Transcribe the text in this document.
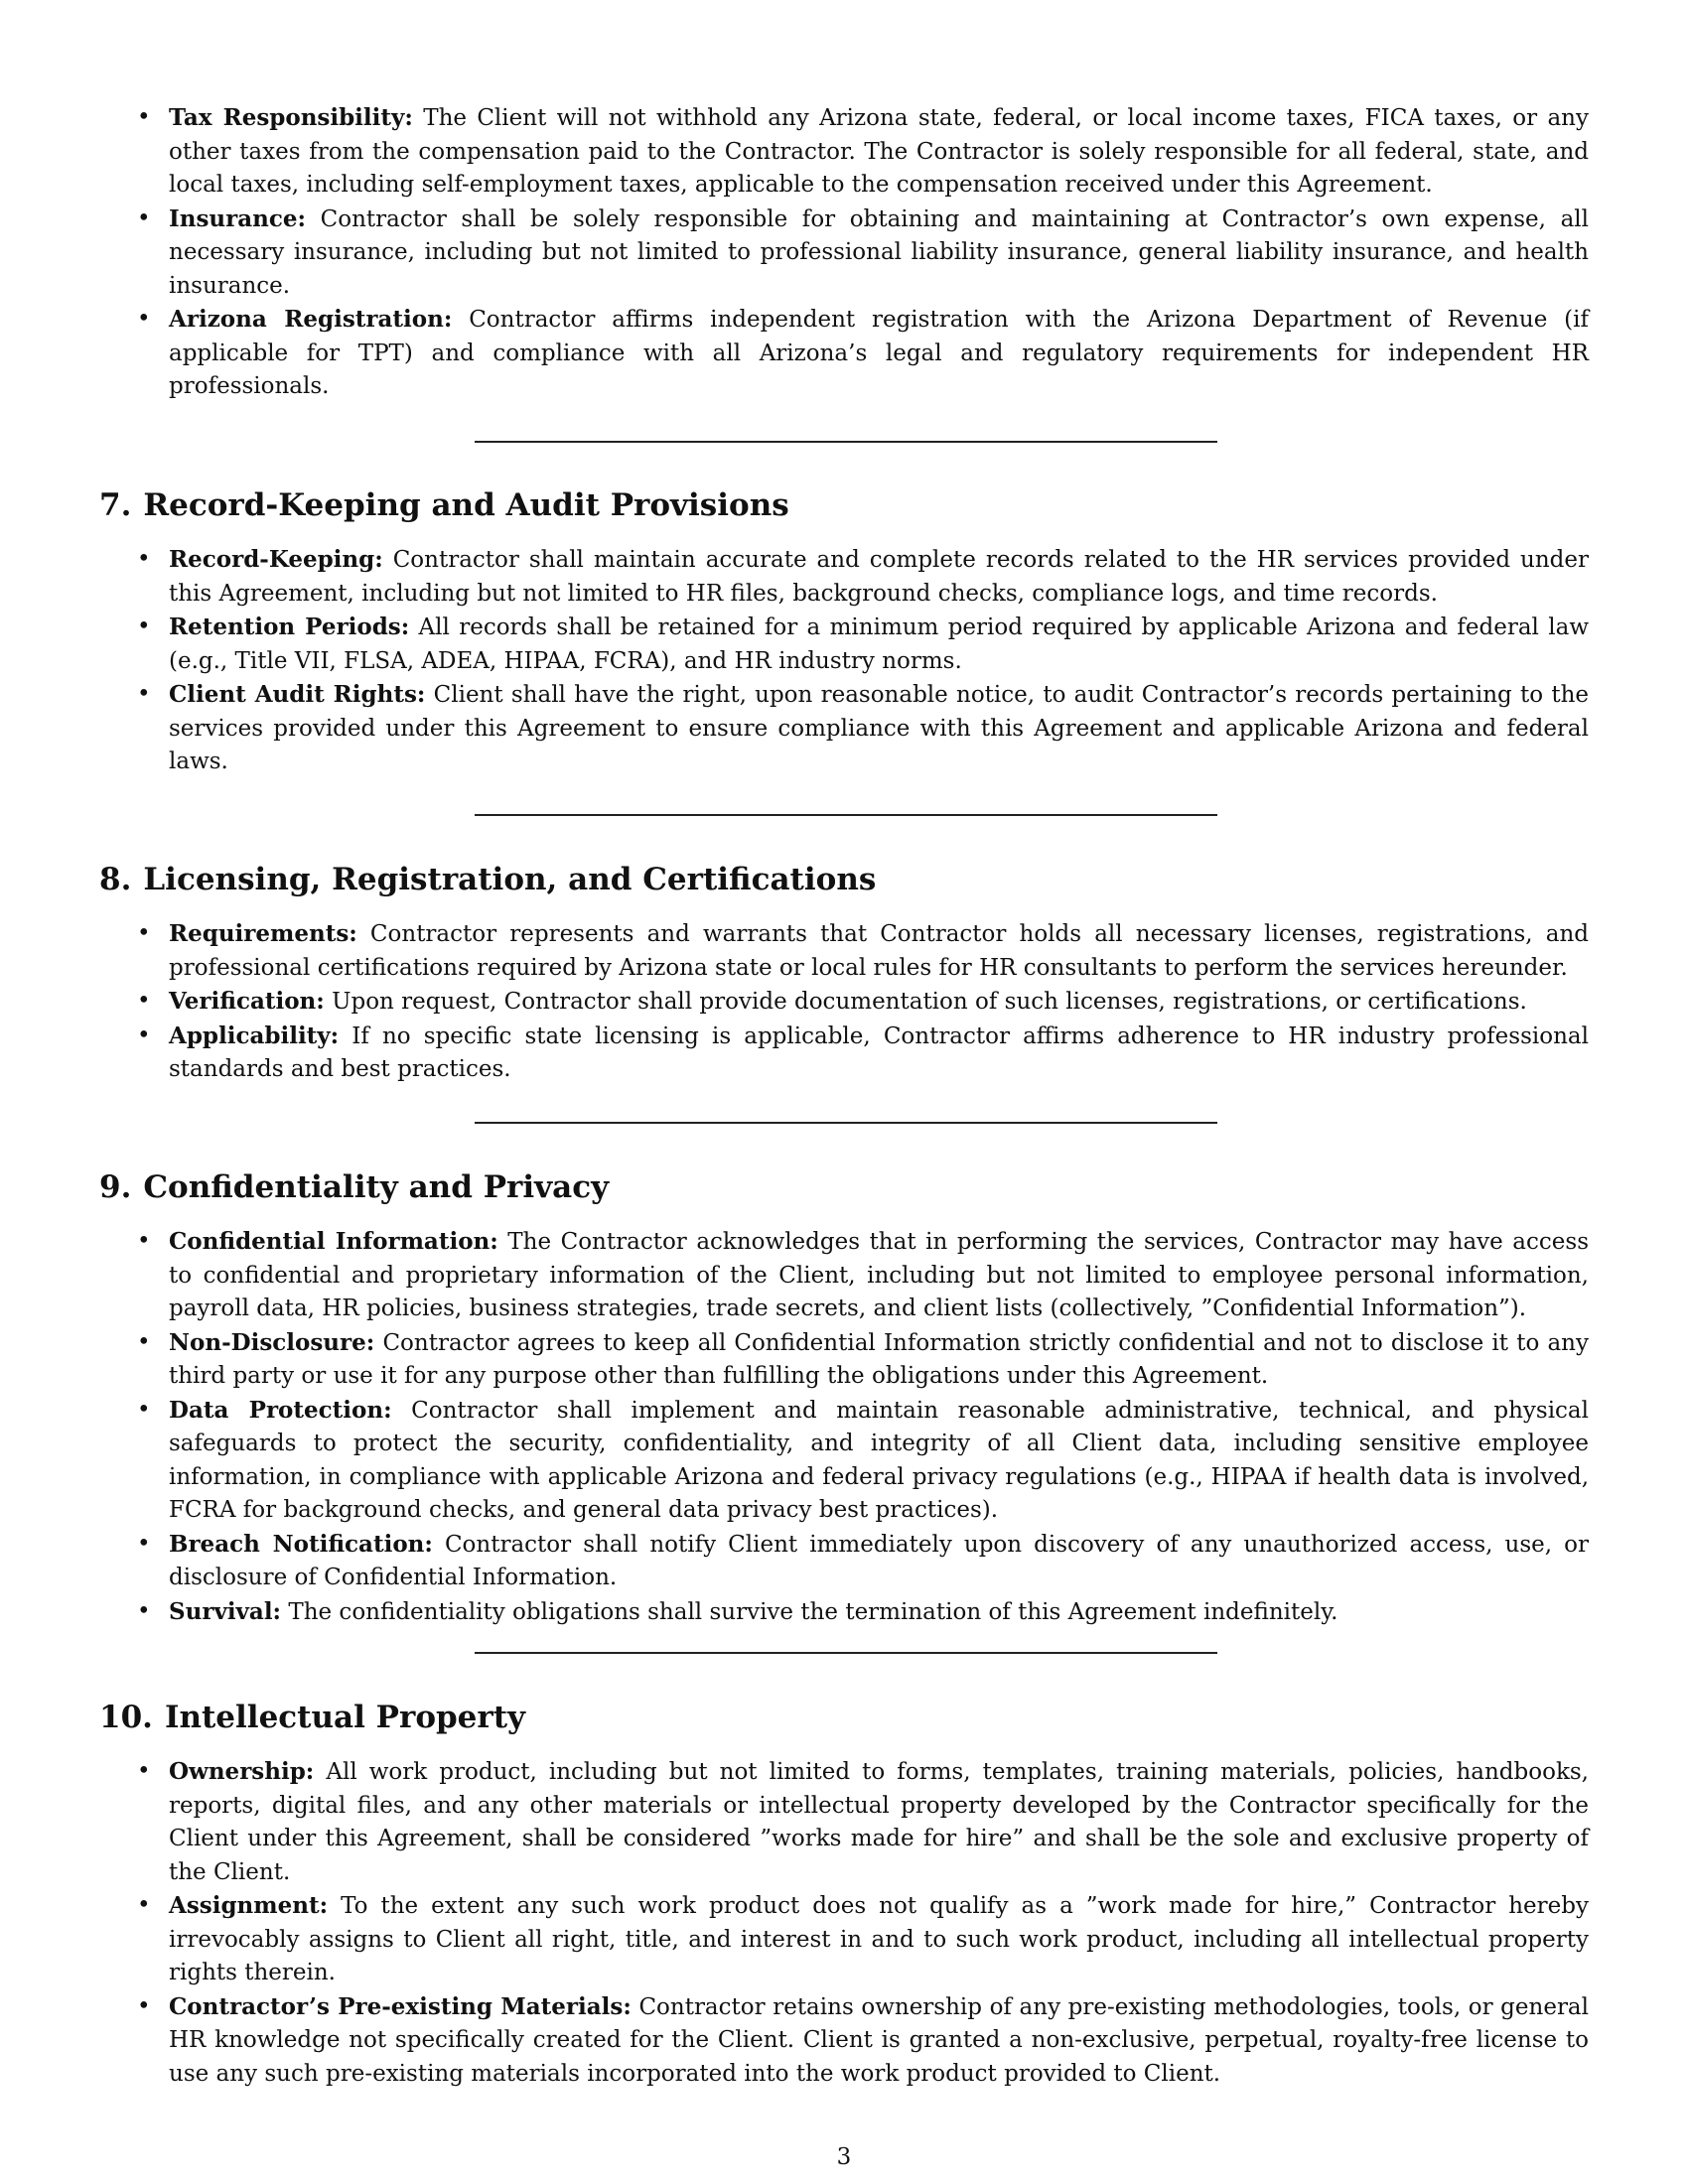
• Tax Responsibility: The Client will not withhold any Arizona state, federal, or local income taxes, FICA taxes, or any other taxes from the compensation paid to the Contractor. The Contractor is solely responsible for all federal, state, and local taxes, including self-employment taxes, applicable to the compensation received under this Agreement.
• Insurance: Contractor shall be solely responsible for obtaining and maintaining at Contractor’s own expense, all necessary insurance, including but not limited to professional liability insurance, general liability insurance, and health insurance.
• Arizona Registration: Contractor affirms independent registration with the Arizona Department of Revenue (if applicable for TPT) and compliance with all Arizona’s legal and regulatory requirements for independent HR professionals.
7. Record-Keeping and Audit Provisions
• Record-Keeping: Contractor shall maintain accurate and complete records related to the HR services provided under this Agreement, including but not limited to HR files, background checks, compliance logs, and time records.
• Retention Periods: All records shall be retained for a minimum period required by applicable Arizona and federal law (e.g., Title VII, FLSA, ADEA, HIPAA, FCRA), and HR industry norms.
• Client Audit Rights: Client shall have the right, upon reasonable notice, to audit Contractor’s records pertaining to the services provided under this Agreement to ensure compliance with this Agreement and applicable Arizona and federal laws.
8. Licensing, Registration, and Certifications
• Requirements: Contractor represents and warrants that Contractor holds all necessary licenses, registrations, and professional certifications required by Arizona state or local rules for HR consultants to perform the services hereunder.
• Verification: Upon request, Contractor shall provide documentation of such licenses, registrations, or certifications.
• Applicability: If no specific state licensing is applicable, Contractor affirms adherence to HR industry professional standards and best practices.
9. Confidentiality and Privacy
• Confidential Information: The Contractor acknowledges that in performing the services, Contractor may have access to confidential and proprietary information of the Client, including but not limited to employee personal information, payroll data, HR policies, business strategies, trade secrets, and client lists (collectively, ”Confidential Information”).
• Non-Disclosure: Contractor agrees to keep all Confidential Information strictly confidential and not to disclose it to any third party or use it for any purpose other than fulfilling the obligations under this Agreement.
• Data Protection: Contractor shall implement and maintain reasonable administrative, technical, and physical safeguards to protect the security, confidentiality, and integrity of all Client data, including sensitive employee information, in compliance with applicable Arizona and federal privacy regulations (e.g., HIPAA if health data is involved, FCRA for background checks, and general data privacy best practices).
• Breach Notification: Contractor shall notify Client immediately upon discovery of any unauthorized access, use, or disclosure of Confidential Information.
• Survival: The confidentiality obligations shall survive the termination of this Agreement indefinitely.
10. Intellectual Property
• Ownership: All work product, including but not limited to forms, templates, training materials, policies, handbooks, reports, digital files, and any other materials or intellectual property developed by the Contractor specifically for the Client under this Agreement, shall be considered ”works made for hire” and shall be the sole and exclusive property of the Client.
• Assignment: To the extent any such work product does not qualify as a ”work made for hire,” Contractor hereby irrevocably assigns to Client all right, title, and interest in and to such work product, including all intellectual property rights therein.
• Contractor’s Pre-existing Materials: Contractor retains ownership of any pre-existing methodologies, tools, or general HR knowledge not specifically created for the Client. Client is granted a non-exclusive, perpetual, royalty-free license to use any such pre-existing materials incorporated into the work product provided to Client.
3
